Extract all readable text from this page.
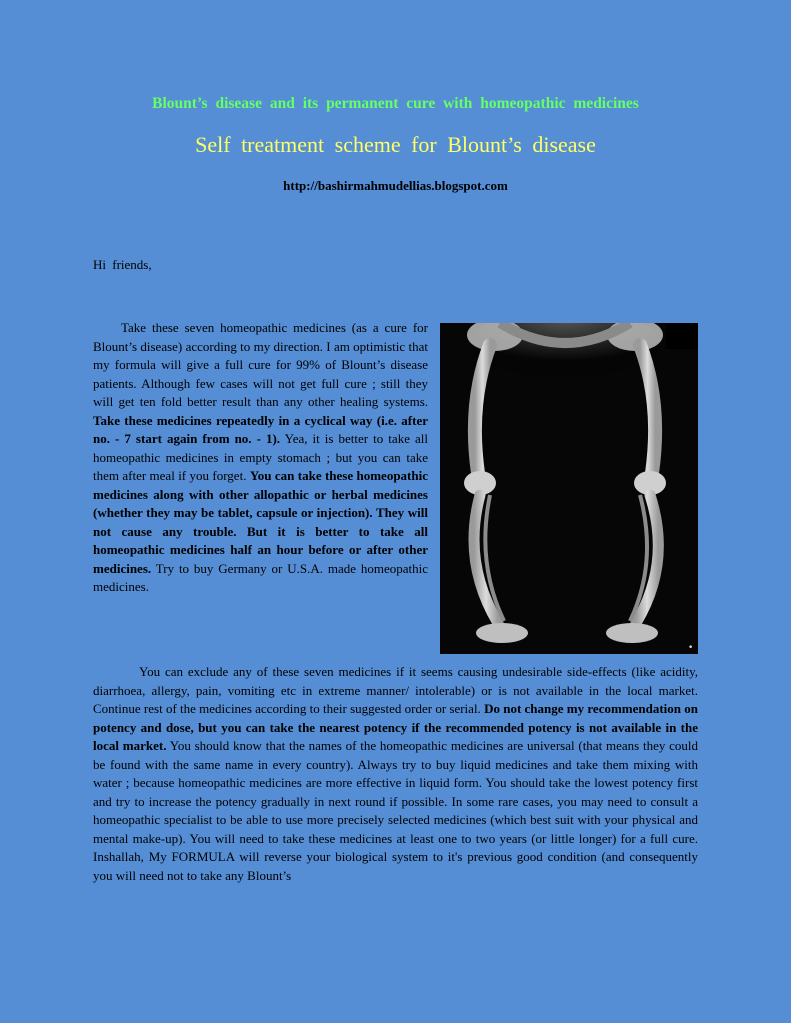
Blount’s disease and its permanent cure with homeopathic medicines
Self treatment scheme for Blount’s disease
http://bashirmahmudellias.blogspot.com
Hi friends,

•
Take these seven homeopathic medicines (as a cure for Blount’s disease) according to my direction. I am optimistic that my formula will give a full cure for 99% of Blount’s disease patients. Although few cases will not get full cure ; still they will get ten fold better result than any other healing systems. Take these medicines repeatedly in a cyclical way (i.e. after no. - 7 start again from no. - 1). Yea, it is better to take all homeopathic medicines in empty stomach ; but you can take them after meal if you forget. You can take these homeopathic medicines along with other allopathic or herbal medicines (whether they may be tablet, capsule or injection). They will not cause any trouble. But it is better to take all homeopathic medicines half an hour before or after other medicines. Try to buy Germany or U.S.A. made homeopathic medicines.

You can exclude any of these seven medicines if it seems causing undesirable side-effects (like acidity, diarrhoea, allergy, pain, vomiting etc in extreme manner/ intolerable) or is not available in the local market. Continue rest of the medicines according to their suggested order or serial. Do not change my recommendation on potency and dose, but you can take the nearest potency if the recommended potency is not available in the local market. You should know that the names of the homeopathic medicines are universal (that means they could be found with the same name in every country). Always try to buy liquid medicines and take them mixing with water ; because homeopathic medicines are more effective in liquid form. You should take the lowest potency first and try to increase the potency gradually in next round if possible. In some rare cases, you may need to consult a homeopathic specialist to be able to use more precisely selected medicines (which best suit with your physical and mental make-up). You will need to take these medicines at least one to two years (or little longer) for a full cure. Inshallah, My FORMULA will reverse your biological system to it's previous good condition (and consequently you will need not to take any Blount’s
